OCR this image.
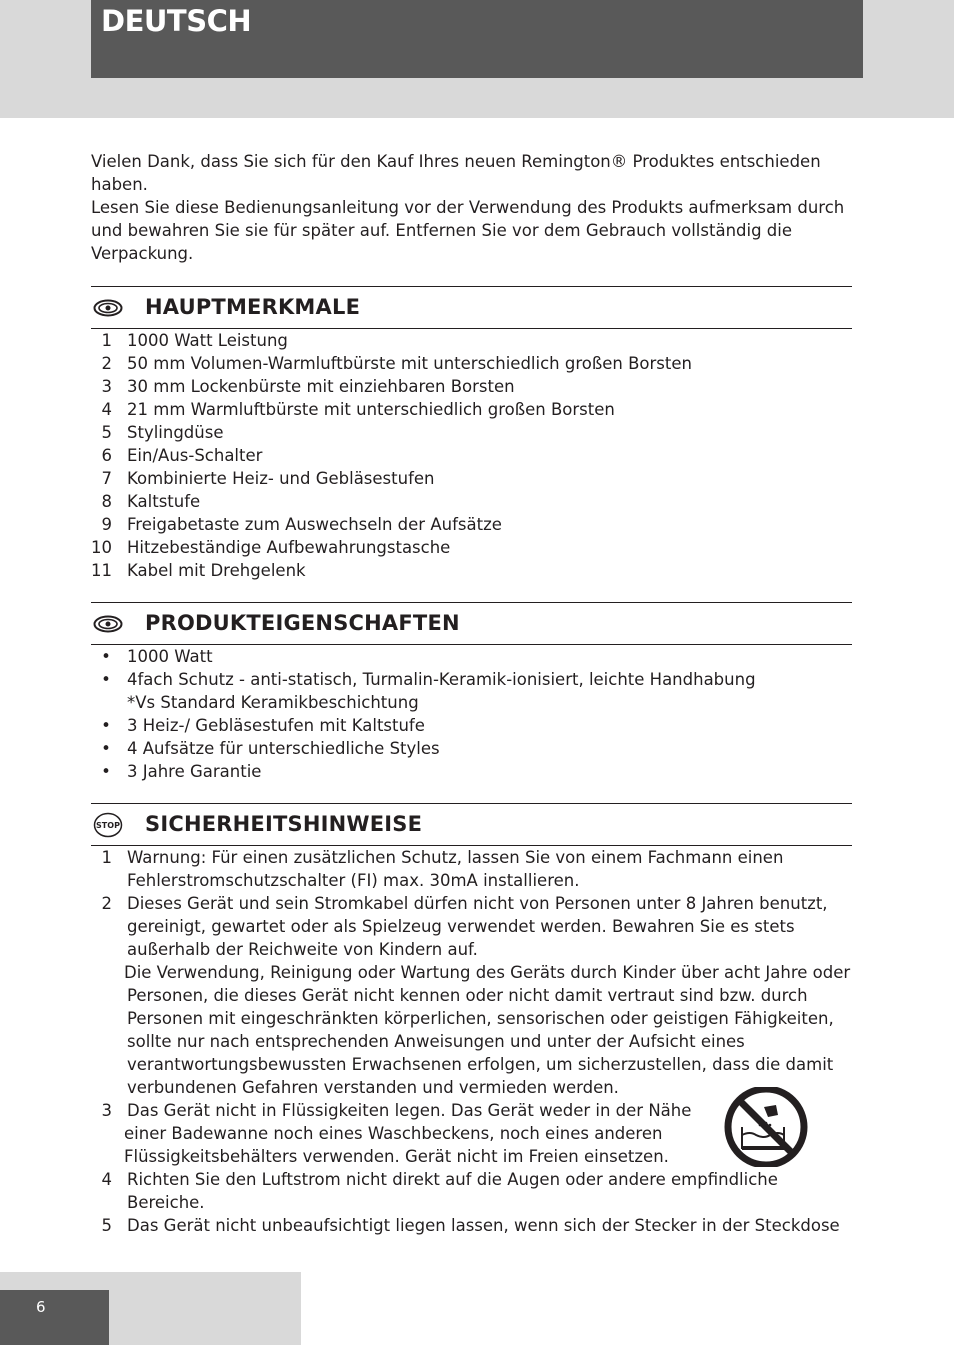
DEUTSCH

Vielen Dank, dass Sie sich für den Kauf Ihres neuen Remington® Produktes entschieden haben.

Lesen Sie diese Bedienungsanleitung vor der Verwendung des Produkts aufmerksam durch und bewahren Sie sie für später auf. Entfernen Sie vor dem Gebrauch vollständig die Verpackung.

HAUPTMERKMALE
1 1000 Watt Leistung
2 50 mm Volumen-Warmluftbürste mit unterschiedlich großen Borsten
3 30 mm Lockenbürste mit einziehbaren Borsten
4 21 mm Warmluftbürste mit unterschiedlich großen Borsten
5 Stylingdüse
6 Ein/Aus-Schalter
7 Kombinierte Heiz- und Gebläsestufen
8 Kaltstufe
9 Freigabetaste zum Auswechseln der Aufsätze
10 Hitzebeständige Aufbewahrungstasche
11 Kabel mit Drehgelenk
PRODUKTEIGENSCHAFTEN
• 1000 Watt
• 4fach Schutz - anti-statisch, Turmalin-Keramik-ionisiert, leichte Handhabung
*Vs Standard Keramikbeschichtung
• 3 Heiz-/ Gebläsestufen mit Kaltstufe
• 4 Aufsätze für unterschiedliche Styles
• 3 Jahre Garantie
STOP SICHERHEITSHINWEISE
1 Warnung: Für einen zusätzlichen Schutz, lassen Sie von einem Fachmann einen
Fehlerstromschutzschalter (FI) max. 30mA installieren.
2 Dieses Gerät und sein Stromkabel dürfen nicht von Personen unter 8 Jahren benutzt,
gereinigt, gewartet oder als Spielzeug verwendet werden. Bewahren Sie es stets
außerhalb der Reichweite von Kindern auf.
Die Verwendung, Reinigung oder Wartung des Geräts durch Kinder über acht Jahre oder
Personen, die dieses Gerät nicht kennen oder nicht damit vertraut sind bzw. durch
Personen mit eingeschränkten körperlichen, sensorischen oder geistigen Fähigkeiten,
sollte nur nach entsprechenden Anweisungen und unter der Aufsicht eines
verantwortungsbewussten Erwachsenen erfolgen, um sicherzustellen, dass die damit
verbundenen Gefahren verstanden und vermieden werden.
3 Das Gerät nicht in Flüssigkeiten legen. Das Gerät weder in der Nähe
einer Badewanne noch eines Waschbeckens, noch eines anderen
Flüssigkeitsbehälters verwenden. Gerät nicht im Freien einsetzen.
4 Richten Sie den Luftstrom nicht direkt auf die Augen oder andere empfindliche
Bereiche.
5 Das Gerät nicht unbeaufsichtigt liegen lassen, wenn sich der Stecker in der Steckdose
6
